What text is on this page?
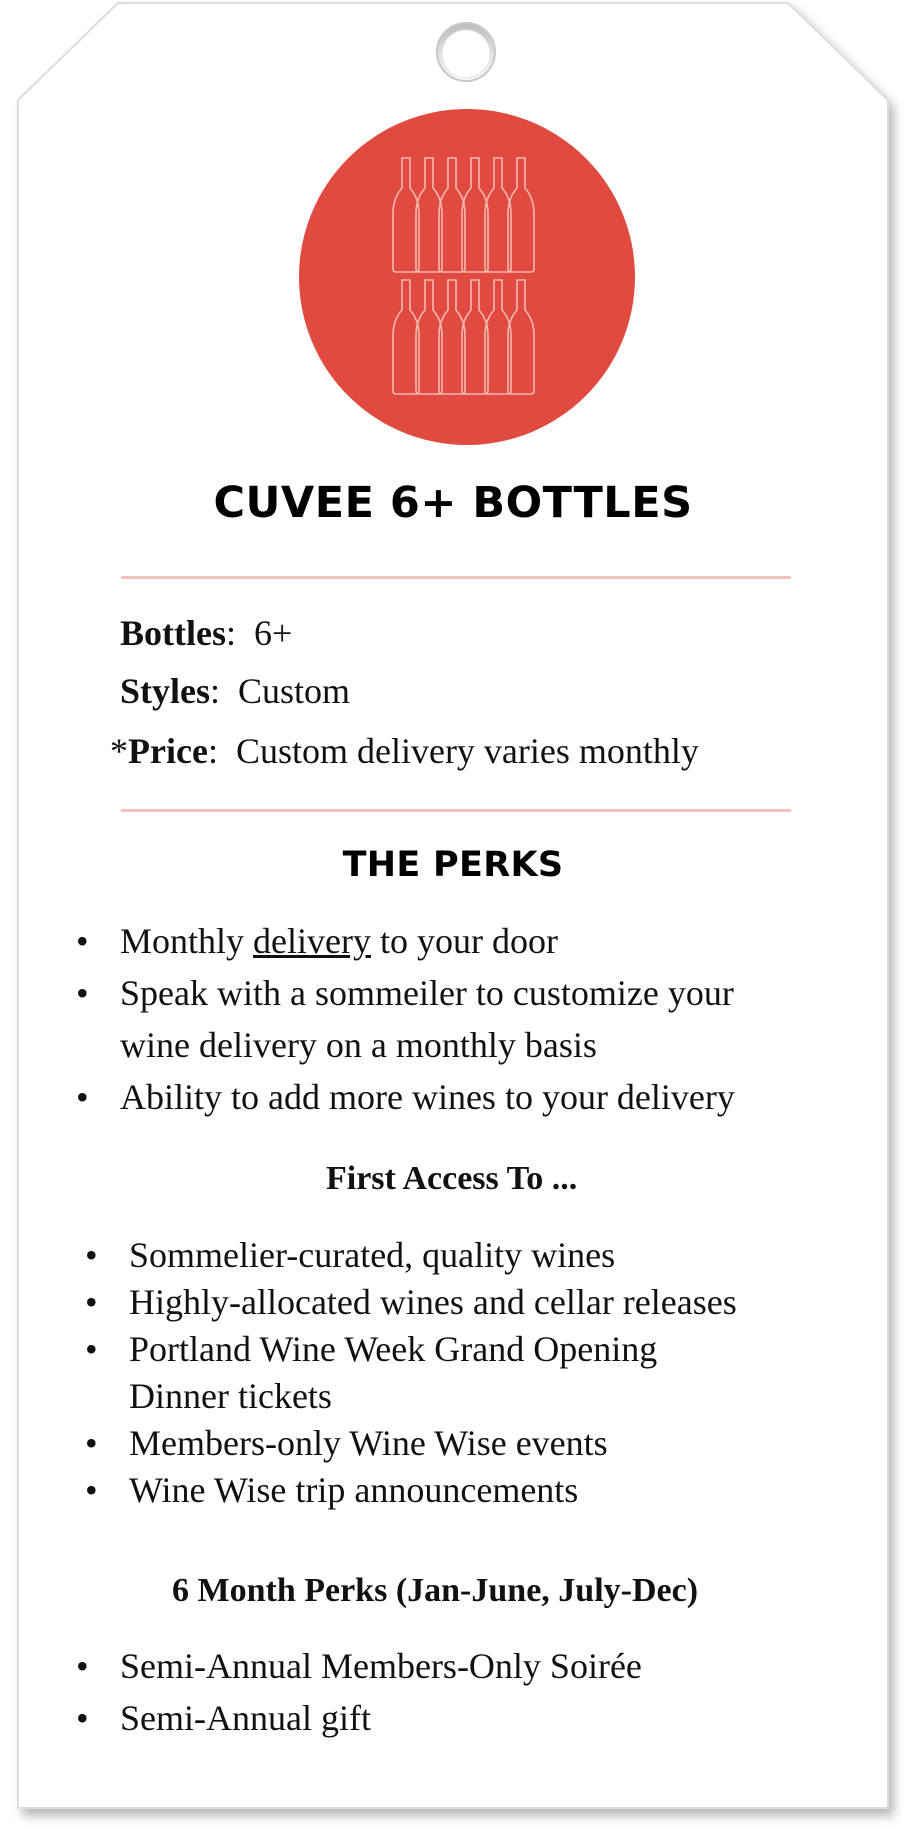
CUVEE 6+ BOTTLES
Bottles:  6+
Styles:  Custom
*Price:  Custom delivery varies monthly
THE PERKS
• Monthly delivery to your door
• Speak with a sommeiler to customize your
wine delivery on a monthly basis
• Ability to add more wines to your delivery
First Access To ...
• Sommelier-curated, quality wines
• Highly-allocated wines and cellar releases
• Portland Wine Week Grand Opening
Dinner tickets
• Members-only Wine Wise events
• Wine Wise trip announcements
6 Month Perks (Jan-June, July-Dec)
• Semi-Annual Members-Only Soirée
• Semi-Annual gift
